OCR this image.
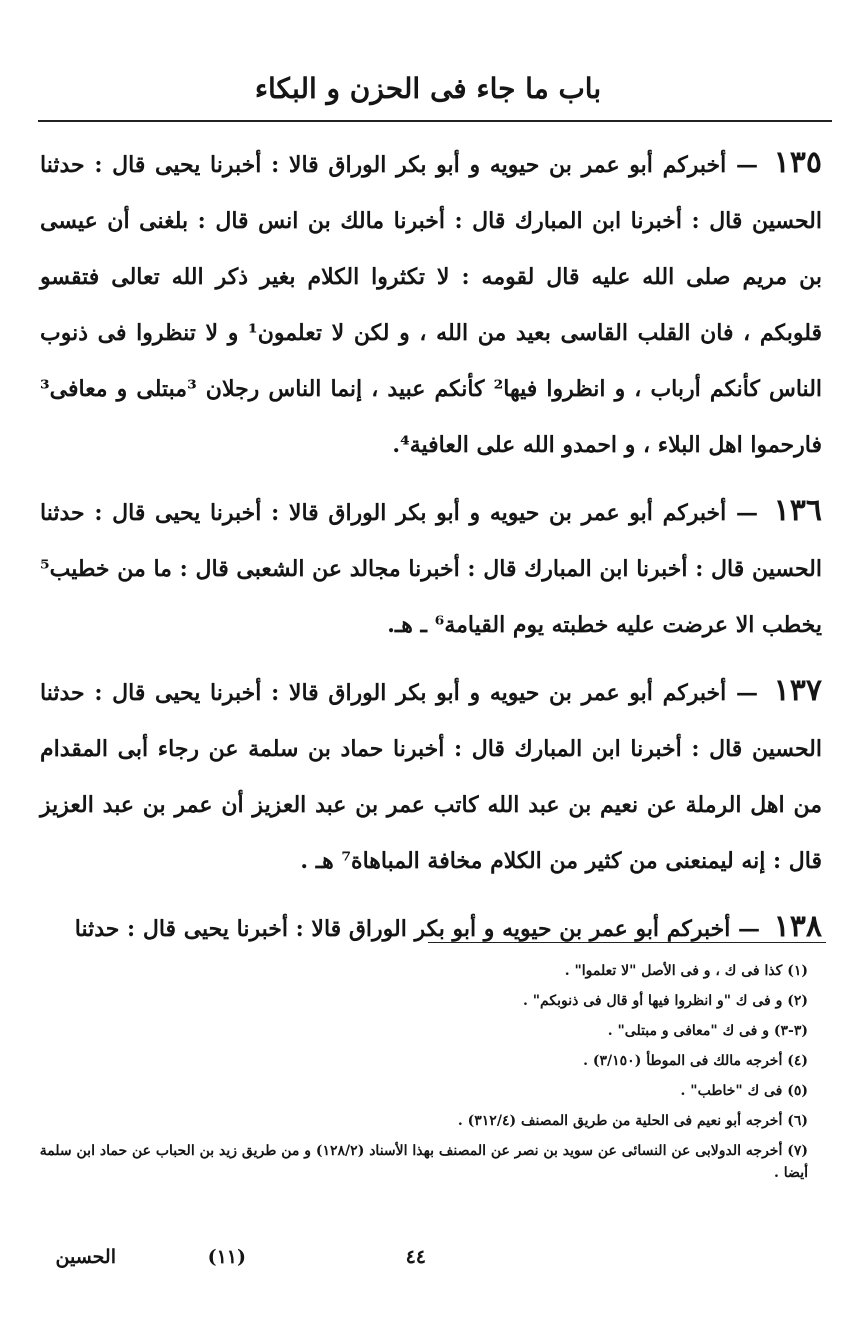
باب ما جاء فى الحزن و البكاء

١٣٥ — أخبركم أبو عمر بن حيويه و أبو بكر الوراق قالا : أخبرنا يحيى قال : حدثنا الحسين قال : أخبرنا ابن المبارك قال : أخبرنا مالك بن انس قال : بلغنى أن عيسى بن مريم صلى الله عليه قال لقومه : لا تكثروا الكلام بغير ذكر الله تعالى فتقسو قلوبكم ، فان القلب القاسى بعيد من الله ، و لكن لا تعلمون¹ و لا تنظروا فى ذنوب الناس كأنكم أرباب ، و انظروا فيها² كأنكم عبيد ، إنما الناس رجلان ³مبتلى و معافى³ فارحموا اهل البلاء ، و احمدو الله على العافية⁴.

١٣٦ — أخبركم أبو عمر بن حيويه و أبو بكر الوراق قالا : أخبرنا يحيى قال : حدثنا الحسين قال : أخبرنا ابن المبارك قال : أخبرنا مجالد عن الشعبى قال : ما من خطيب⁵ يخطب الا عرضت عليه خطبته يوم القيامة⁶ ـ هـ.

١٣٧ — أخبركم أبو عمر بن حيويه و أبو بكر الوراق قالا : أخبرنا يحيى قال : حدثنا الحسين قال : أخبرنا ابن المبارك قال : أخبرنا حماد بن سلمة عن رجاء أبى المقدام من اهل الرملة عن نعيم بن عبد الله كاتب عمر بن عبد العزيز أن عمر بن عبد العزيز قال : إنه ليمنعنى من كثير من الكلام مخافة المباهاة⁷ هـ .

١٣٨ — أخبركم أبو عمر بن حيويه و أبو بكر الوراق قالا : أخبرنا يحيى قال : حدثنا

(١) كذا فى ك ، و فى الأصل "لا تعلموا" .

(٢) و فى ك "و انظروا فيها أو قال فى ذنوبكم" .

(٣-٣) و فى ك "معافى و مبتلى" .

(٤) أخرجه مالك فى الموطأ (٣/١٥٠) .

(٥) فى ك "خاطب" .

(٦) أخرجه أبو نعيم فى الحلية من طريق المصنف (٣١٢/٤) .

(٧) أخرجه الدولابى عن النسائى عن سويد بن نصر عن المصنف بهذا الأسناد (١٢٨/٢) و من طريق زيد بن الحباب عن حماد ابن سلمة أيضا .

٤٤
(١١)
الحسين
